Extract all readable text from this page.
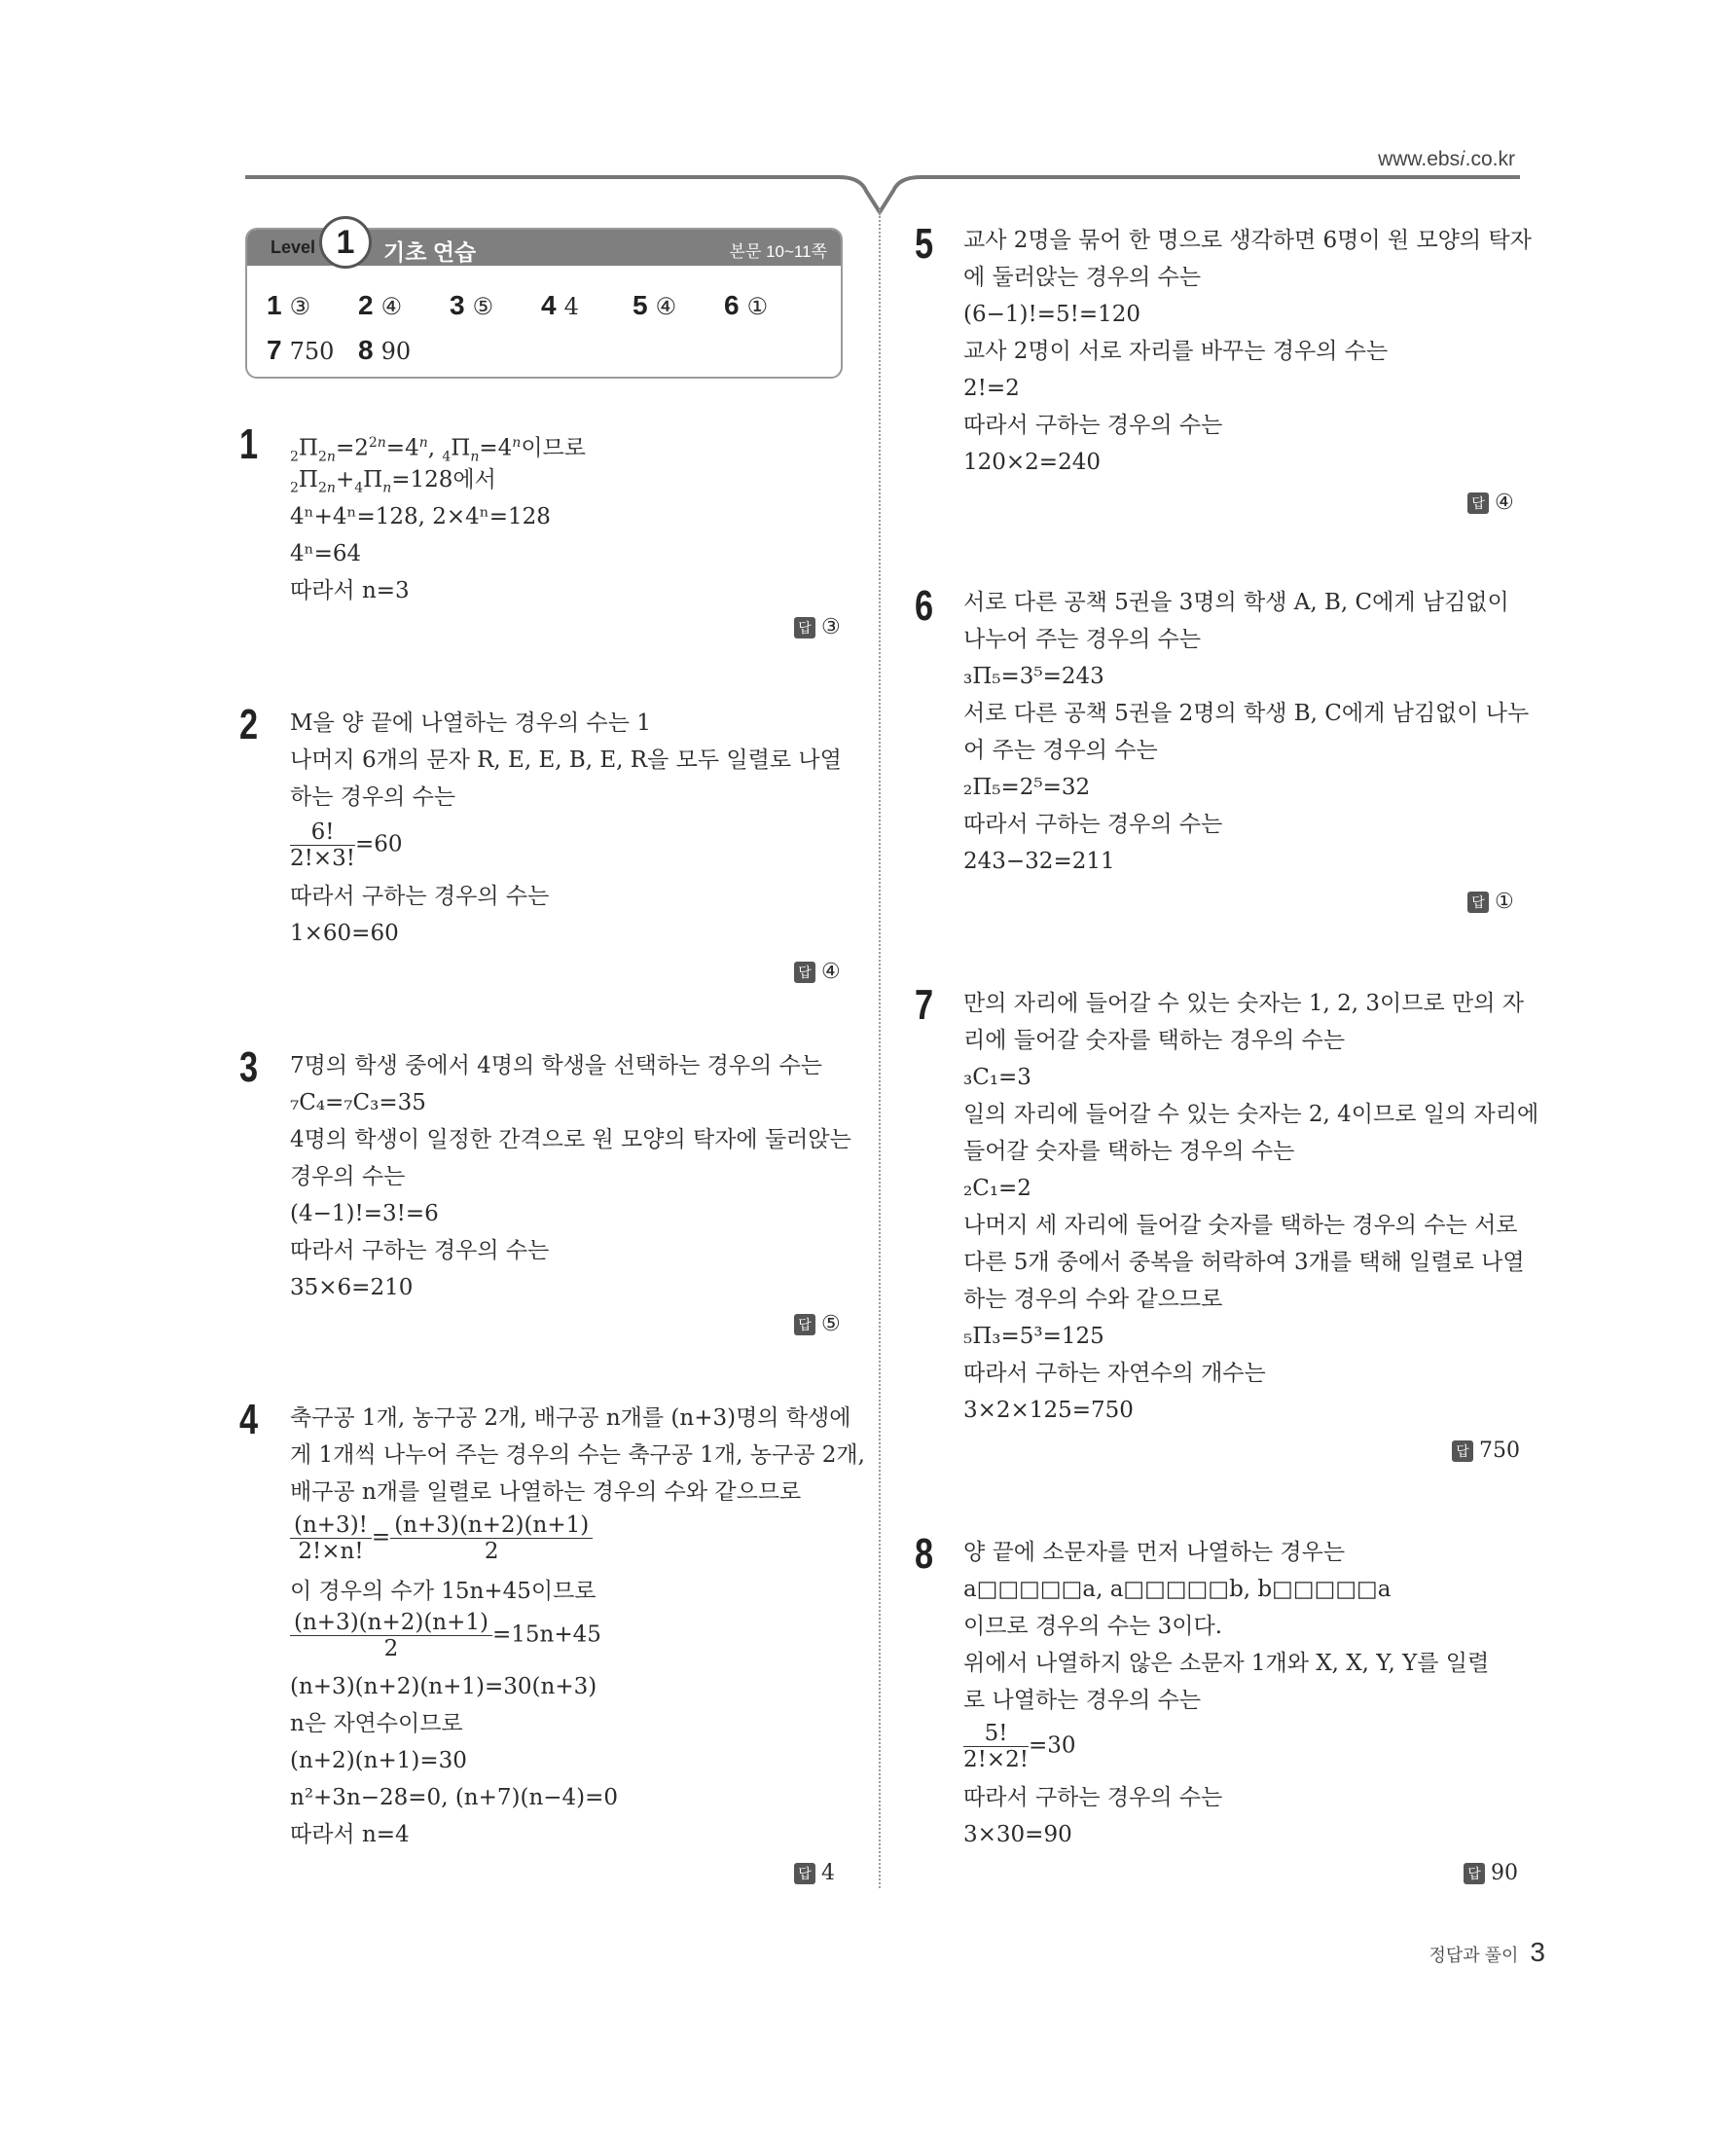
www.ebs𝑖.co.kr
Level 1	기초 연습	본문 10~11쪽
1 ③ 2 ④ 3 ⑤ 4 4 5 ④ 6 ①
7 750 8 90
1 $_2\Pi_{2n}=2^{2n}=4^n$, $_4\Pi_n=4^n$이므로
$_2\Pi_{2n}+_4\Pi_n=128$에서
4ⁿ+4ⁿ=128, 2×4ⁿ=128
4ⁿ=64
따라서 n=3
답 ③
2 M을 양 끝에 나열하는 경우의 수는 1
나머지 6개의 문자 R, E, E, B, E, R을 모두 일렬로 나열
하는 경우의 수는
$\frac{6!}{2!\times 3!} =60$
따라서 구하는 경우의 수는
1×60=60
답 ④
3 7명의 학생 중에서 4명의 학생을 선택하는 경우의 수는
₇C₄=₇C₃=35
4명의 학생이 일정한 간격으로 원 모양의 탁자에 둘러앉는
경우의 수는
(4−1)!=3!=6
따라서 구하는 경우의 수는
35×6=210
답 ⑤
4 축구공 1개, 농구공 2개, 배구공 n개를 (n+3)명의 학생에
게 1개씩 나누어 주는 경우의 수는 축구공 1개, 농구공 2개,
배구공 n개를 일렬로 나열하는 경우의 수와 같으므로
$\frac{(n+3)!}{2!\times n!} = \frac{(n+3)(n+2)(n+1)}{2}$
이 경우의 수가 15n+45이므로
$\frac{(n+3)(n+2)(n+1)}{2} =15n+45$
(n+3)(n+2)(n+1)=30(n+3)
n은 자연수이므로
(n+2)(n+1)=30
n²+3n−28=0, (n+7)(n−4)=0
따라서 n=4
답 4
5 교사 2명을 묶어 한 명으로 생각하면 6명이 원 모양의 탁자
에 둘러앉는 경우의 수는
(6−1)!=5!=120
교사 2명이 서로 자리를 바꾸는 경우의 수는
2!=2
따라서 구하는 경우의 수는
120×2=240
답 ④
6 서로 다른 공책 5권을 3명의 학생 A, B, C에게 남김없이
나누어 주는 경우의 수는
₃Π₅=3⁵=243
서로 다른 공책 5권을 2명의 학생 B, C에게 남김없이 나누
어 주는 경우의 수는
₂Π₅=2⁵=32
따라서 구하는 경우의 수는
243−32=211
답 ①
7 만의 자리에 들어갈 수 있는 숫자는 1, 2, 3이므로 만의 자
리에 들어갈 숫자를 택하는 경우의 수는
₃C₁=3
일의 자리에 들어갈 수 있는 숫자는 2, 4이므로 일의 자리에
들어갈 숫자를 택하는 경우의 수는
₂C₁=2
나머지 세 자리에 들어갈 숫자를 택하는 경우의 수는 서로
다른 5개 중에서 중복을 허락하여 3개를 택해 일렬로 나열
하는 경우의 수와 같으므로
₅Π₃=5³=125
따라서 구하는 자연수의 개수는
3×2×125=750
답 750
8 양 끝에 소문자를 먼저 나열하는 경우는
a□□□□□a, a□□□□□b, b□□□□□a
이므로 경우의 수는 3이다.
위에서 나열하지 않은 소문자 1개와 X, X, Y, Y를 일렬
로 나열하는 경우의 수는
$\frac{5!}{2!\times 2!} =30$
따라서 구하는 경우의 수는
3×30=90
답 90
정답과 풀이 3
